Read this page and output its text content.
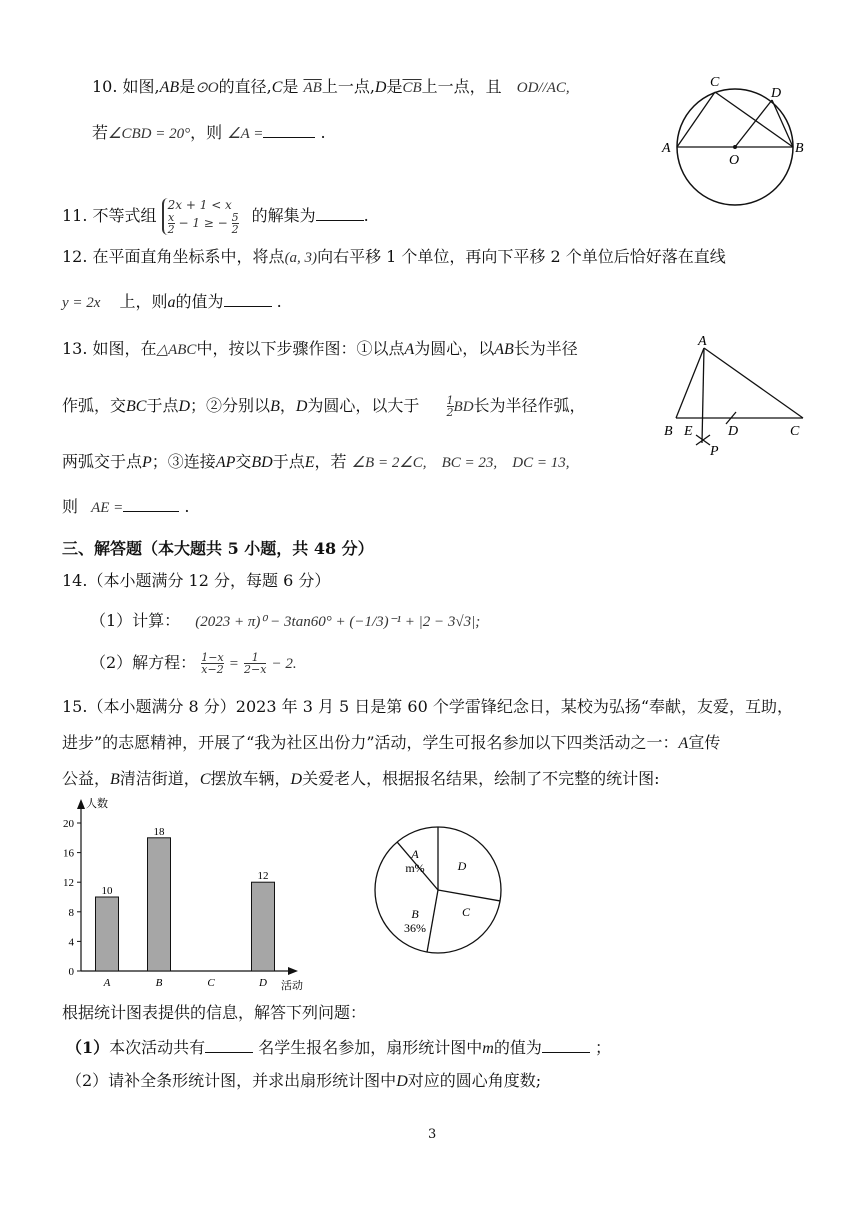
10. 如图,AB是⊙O的直径,C是 $\overline{AB}$上一点,D是$\overline{CB}$上一点，且 OD//AC,
若∠CBD = 20°，则 ∠A =	.
A	B
C
D
O
11. 不等式组 2x + 1 < x

$\frac{x}{2} - 1$ ≥ − $\frac{5}{2}$ 的解集为	.
12. 在平面直角坐标系中，将点(a, 3)向右平移 1 个单位，再向下平移 2 个单位后恰好落在直线
y = 2x 上，则a的值为	.
13. 如图，在△ABC中，按以下步骤作图：①以点A为圆心，以AB长为半径
作弧，交BC于点D；②分别以B，D为圆心，以大于 $\frac{1}{2}$ BD长为半径作弧，
两弧交于点P；③连接AP交BD于点E，若 ∠B = 2∠C, BC = 23, DC = 13,
则 AE =	.
A
B E	D	C
P
三、解答题（本大题共 5 小题，共 48 分）
14.（本小题满分 12 分，每题 6 分）
（1）计算： (2023 + π)⁰ − 3tan60° + (−1/3)⁻¹ + |2 − 3√3|;
（2）解方程： $\frac{1-x}{x-2} = \frac{1}{2-x} - 2$.
15.（本小题满分 8 分）2023 年 3 月 5 日是第 60 个学雷锋纪念日，某校为弘扬“奉献，友爱，互助，
进步”的志愿精神，开展了“我为社区出份力”活动，学生可报名参加以下四类活动之一：A宣传
公益，B清洁街道，C摆放车辆，D关爱老人，根据报名结果，绘制了不完整的统计图:
人数
活动
0
4
8
12
16
20
A
10
B
18
C	D
12
A
m%
B
36%
C
D
根据统计图表提供的信息，解答下列问题：
（1）本次活动共有	名学生报名参加，扇形统计图中m的值为	；
（2）请补全条形统计图，并求出扇形统计图中D对应的圆心角度数;
3
